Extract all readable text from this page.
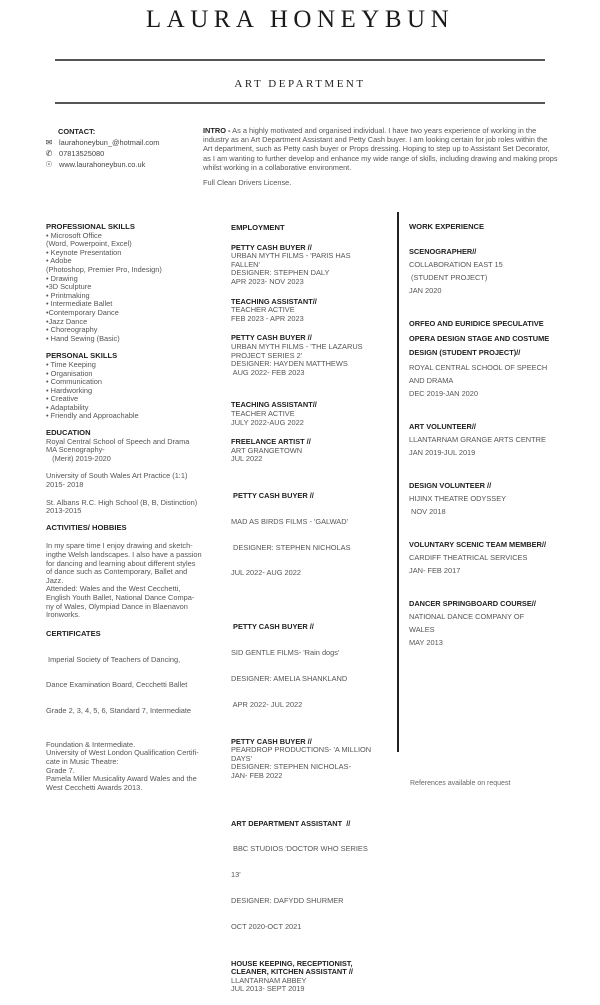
LAURA HONEYBUN
ART DEPARTMENT
CONTACT:
✉ laurahoneybun_@hotmail.com
✆ 07813525080
☉ www.laurahoneybun.co.uk
INTRO - As a highly motivated and organised individual. I have two years experience of working in the industry as an Art Department Assistant and Petty Cash buyer. I am looking certain for job roles within the Art department, such as Petty cash buyer or Props dressing. Hoping to step up to Assistant Set Decorator, as I am wanting to further develop and enhance my wide range of skills, including drawing and making props whilst working in a collaborative environment.
Full Clean Drivers License.
PROFESSIONAL SKILLS
• Microsoft Office
(Word, Powerpoint, Excel)
• Keynote Presentation
• Adobe
(Photoshop, Premier Pro, Indesign)
• Drawing
•3D Sculpture
• Printmaking
• Intermediate Ballet
•Contemporary Dance
•Jazz Dance
• Choreography
• Hand Sewing (Basic)
PERSONAL SKILLS
• Time Keeping
• Organisation
• Communication
• Hardworking
• Creative
• Adaptability
• Friendly and Approachable
EDUCATION
Royal Central School of Speech and Drama
MA Scenography-
(Merit) 2019-2020
University of South Wales Art Practice (1:1)
2015- 2018
St. Albans R.C. High School (B, B, Distinction)
2013-2015
ACTIVITIES/ HOBBIES
In my spare time I enjoy drawing and sketch-
ingthe Welsh landscapes. I also have a passion
for dancing and learning about different styles
of dance such as Contemporary, Ballet and
Jazz.
Attended: Wales and the West Cecchetti,
English Youth Ballet, National Dance Compa-
ny of Wales, Olympiad Dance in Blaenavon
Ironworks.
CERTIFICATES

Imperial Society of Teachers of Dancing,

Dance Examination Board, Cecchetti Ballet

Grade 2, 3, 4, 5, 6, Standard 7, Intermediate

Foundation & Intermediate.
University of West London Qualification Certifi-
cate in Music Theatre:
Grade 7.
Pamela Miller Musicality Award Wales and the
West Cecchetti Awards 2013.
EMPLOYMENT
PETTY CASH BUYER //
URBAN MYTH FILMS - 'PARIS HAS
FALLEN'
DESIGNER: STEPHEN DALY
APR 2023- NOV 2023
TEACHING ASSISTANT//
TEACHER ACTIVE
FEB 2023 - APR 2023
PETTY CASH BUYER //
URBAN MYTH FILMS - 'THE LAZARUS
PROJECT SERIES 2'
DESIGNER: HAYDEN MATTHEWS
AUG 2022- FEB 2023
TEACHING ASSISTANT//
TEACHER ACTIVE
JULY 2022-AUG 2022
FREELANCE ARTIST //
ART GRANGETOWN
JUL 2022

PETTY CASH BUYER //

MAD AS BIRDS FILMS - 'GALWAD'

DESIGNER: STEPHEN NICHOLAS

JUL 2022- AUG 2022

PETTY CASH BUYER //

SID GENTLE FILMS- 'Rain dogs'

DESIGNER: AMELIA SHANKLAND

APR 2022- JUL 2022

PETTY CASH BUYER //
PEARDROP PRODUCTIONS- 'A MILLION
DAYS'
DESIGNER: STEPHEN NICHOLAS-
JAN- FEB 2022

ART DEPARTMENT ASSISTANT  //

BBC STUDIOS 'DOCTOR WHO SERIES

13'

DESIGNER: DAFYDD SHURMER

OCT 2020-OCT 2021

HOUSE KEEPING, RECEPTIONIST, CLEANER, KITCHEN ASSISTANT //
LLANTARNAM ABBEY
JUL 2013- SEPT 2019
WORK EXPERIENCE
SCENOGRAPHER//
COLLABORATION EAST 15
(STUDENT PROJECT)
JAN 2020
ORFEO AND EURIDICE SPECULATIVE OPERA DESIGN STAGE AND COSTUME DESIGN (STUDENT PROJECT)//
ROYAL CENTRAL SCHOOL OF SPEECH
AND DRAMA
DEC 2019-JAN 2020
ART VOLUNTEER//
LLANTARNAM GRANGE ARTS CENTRE
JAN 2019-JUL 2019
DESIGN VOLUNTEER //
HIJINX THEATRE ODYSSEY
NOV 2018
VOLUNTARY SCENIC TEAM MEMBER//
CARDIFF THEATRICAL SERVICES
JAN- FEB 2017
DANCER SPRINGBOARD COURSE//
NATIONAL DANCE COMPANY OF
WALES
MAY 2013
References available on request
